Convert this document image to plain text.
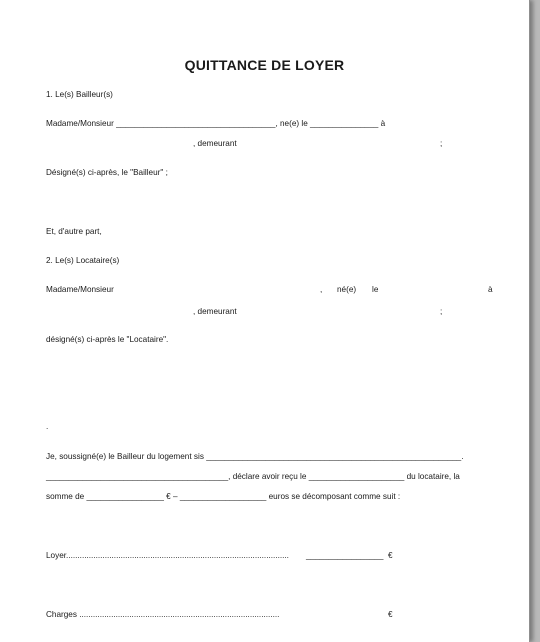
QUITTANCE DE LOYER
1. Le(s) Bailleur(s)
Madame/Monsieur ___________________________________, ne(e) le _______________ à
, demeurant	;
Désigné(s) ci-après, le "Bailleur" ;
Et, d'autre part,
2. Le(s) Locataire(s)
Madame/Monsieur	, né(e) le	à
, demeurant	;
désigné(s) ci-après le "Locataire".
.
Je, soussigné(e) le Bailleur du logement sis ________________________________________________________.
________________________________________, déclare avoir reçu le _____________________ du locataire, la
somme de _________________ € – ___________________ euros se décomposant comme suit :
Loyer.................................................................................................. _________________ €
Charges ........................................................................................	€
